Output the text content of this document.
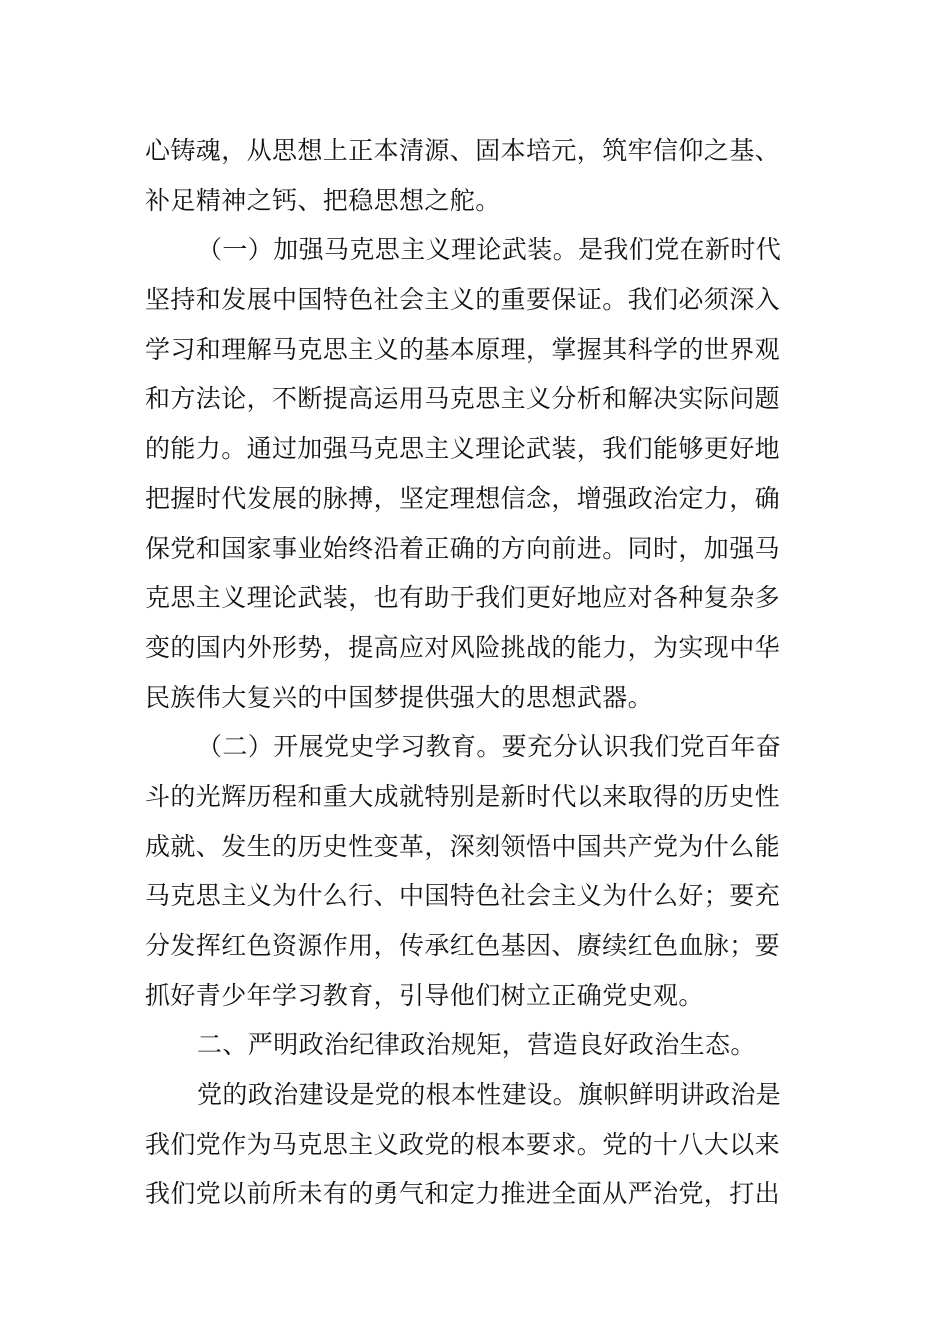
心铸魂，从思想上正本清源、固本培元，筑牢信仰之基、
补足精神之钙、把稳思想之舵。
（一）加强马克思主义理论武装。是我们党在新时代
坚持和发展中国特色社会主义的重要保证。我们必须深入
学习和理解马克思主义的基本原理，掌握其科学的世界观
和方法论，不断提高运用马克思主义分析和解决实际问题
的能力。通过加强马克思主义理论武装，我们能够更好地
把握时代发展的脉搏，坚定理想信念，增强政治定力，确
保党和国家事业始终沿着正确的方向前进。同时，加强马
克思主义理论武装，也有助于我们更好地应对各种复杂多
变的国内外形势，提高应对风险挑战的能力，为实现中华
民族伟大复兴的中国梦提供强大的思想武器。
（二）开展党史学习教育。要充分认识我们党百年奋
斗的光辉历程和重大成就特别是新时代以来取得的历史性
成就、发生的历史性变革，深刻领悟中国共产党为什么能
马克思主义为什么行、中国特色社会主义为什么好；要充
分发挥红色资源作用，传承红色基因、赓续红色血脉；要
抓好青少年学习教育，引导他们树立正确党史观。
二、严明政治纪律政治规矩，营造良好政治生态。
党的政治建设是党的根本性建设。旗帜鲜明讲政治是
我们党作为马克思主义政党的根本要求。党的十八大以来
我们党以前所未有的勇气和定力推进全面从严治党，打出
